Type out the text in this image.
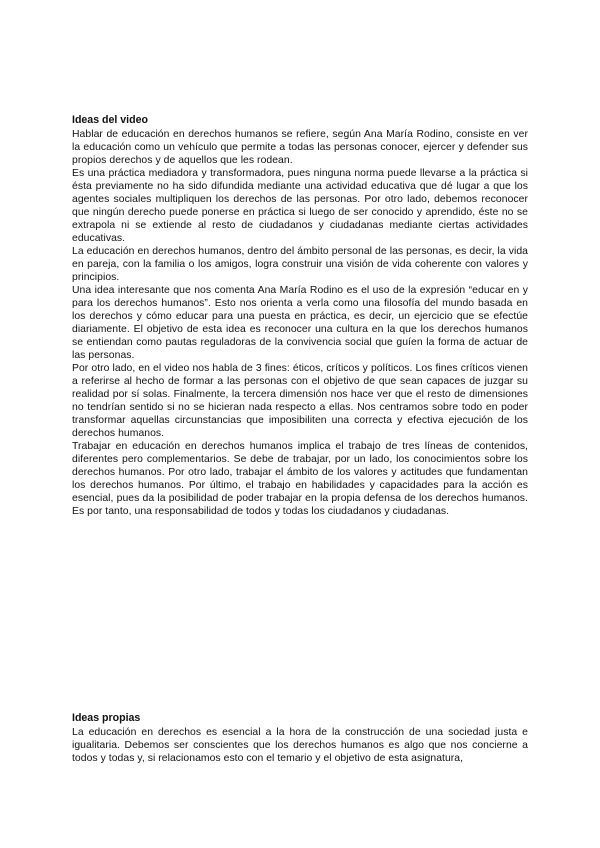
Ideas del video

Hablar de educación en derechos humanos se refiere, según Ana María Rodino, consiste en ver la educación como un vehículo que permite a todas las personas conocer, ejercer y defender sus propios derechos y de aquellos que les rodean.

Es una práctica mediadora y transformadora, pues ninguna norma puede llevarse a la práctica si ésta previamente no ha sido difundida mediante una actividad educativa que dé lugar a que los agentes sociales multipliquen los derechos de las personas. Por otro lado, debemos reconocer que ningún derecho puede ponerse en práctica si luego de ser conocido y aprendido, éste no se extrapola ni se extiende al resto de ciudadanos y ciudadanas mediante ciertas actividades educativas.

La educación en derechos humanos, dentro del ámbito personal de las personas, es decir, la vida en pareja, con la familia o los amigos, logra construir una visión de vida coherente con valores y principios.

Una idea interesante que nos comenta Ana María Rodino es el uso de la expresión “educar en y para los derechos humanos”. Esto nos orienta a verla como una filosofía del mundo basada en los derechos y cómo educar para una puesta en práctica, es decir, un ejercicio que se efectúe diariamente. El objetivo de esta idea es reconocer una cultura en la que los derechos humanos se entiendan como pautas reguladoras de la convivencia social que guíen la forma de actuar de las personas.

Por otro lado, en el video nos habla de 3 fines: éticos, críticos y políticos. Los fines críticos vienen a referirse al hecho de formar a las personas con el objetivo de que sean capaces de juzgar su realidad por sí solas. Finalmente, la tercera dimensión nos hace ver que el resto de dimensiones no tendrían sentido si no se hicieran nada respecto a ellas. Nos centramos sobre todo en poder transformar aquellas circunstancias que imposibiliten una correcta y efectiva ejecución de los derechos humanos.

Trabajar en educación en derechos humanos implica el trabajo de tres líneas de contenidos, diferentes pero complementarios. Se debe de trabajar, por un lado, los conocimientos sobre los derechos humanos. Por otro lado, trabajar el ámbito de los valores y actitudes que fundamentan los derechos humanos. Por último, el trabajo en habilidades y capacidades para la acción es esencial, pues da la posibilidad de poder trabajar en la propia defensa de los derechos humanos. Es por tanto, una responsabilidad de todos y todas los ciudadanos y ciudadanas.

Ideas propias

La educación en derechos es esencial a la hora de la construcción de una sociedad justa e igualitaria. Debemos ser conscientes que los derechos humanos es algo que nos concierne a todos y todas y, si relacionamos esto con el temario y el objetivo de esta asignatura,
